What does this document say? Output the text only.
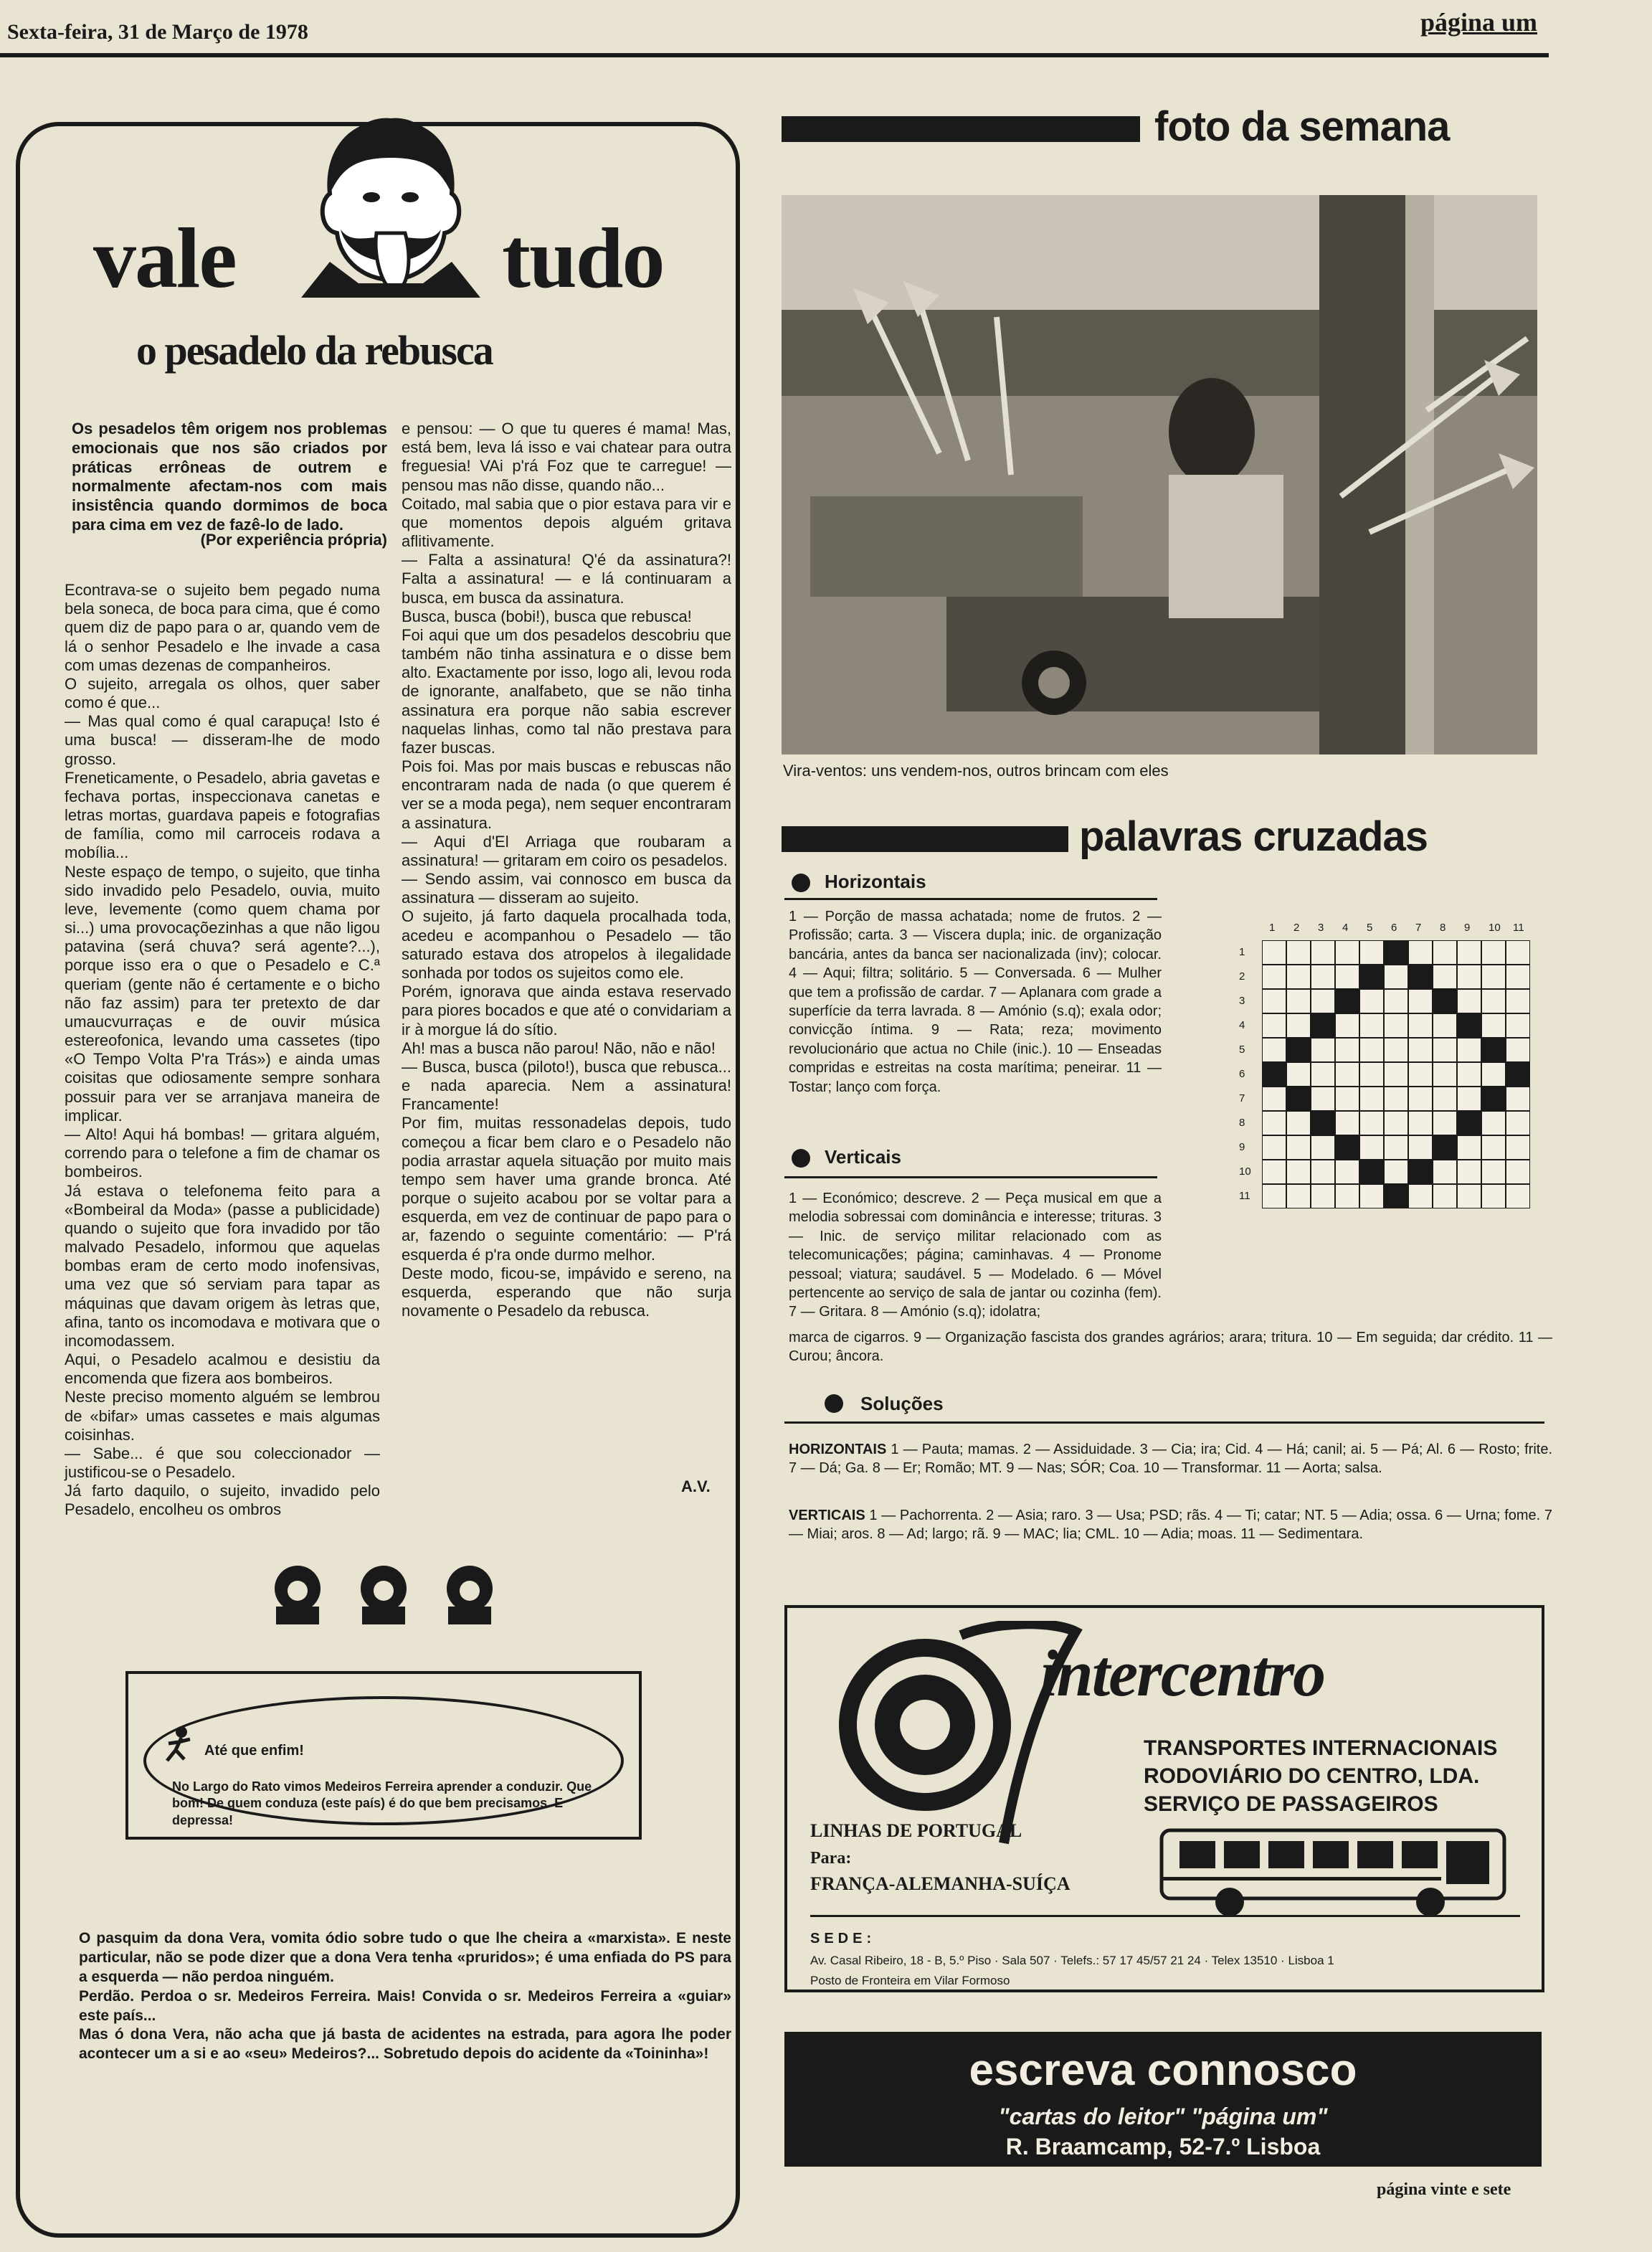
Sexta-feira, 31 de Março de 1978	página um
vale	tudo
o pesadelo da rebusca
Os pesadelos têm origem nos problemas emocionais que nos são criados por práticas errôneas de outrem e normalmente afectam-nos com mais insistência quando dormimos de boca para cima em vez de fazê-lo de lado.
(Por experiência própria)
Econtrava-se o sujeito bem pegado numa bela soneca, de boca para cima, que é como quem diz de papo para o ar, quando vem de lá o senhor Pesadelo e lhe invade a casa com umas dezenas de companheiros.
O sujeito, arregala os olhos, quer saber como é que...
— Mas qual como é qual carapuça! Isto é uma busca! — disseram-lhe de modo grosso.
Freneticamente, o Pesadelo, abria gavetas e fechava portas, inspeccionava canetas e letras mortas, guardava papeis e fotografias de família, como mil carroceis rodava a mobília...
Neste espaço de tempo, o sujeito, que tinha sido invadido pelo Pesadelo, ouvia, muito leve, levemente (como quem chama por si...) uma provocaçõezinhas a que não ligou patavina (será chuva? será agente?...), porque isso era o que o Pesadelo e C.ª queriam (gente não é certamente e o bicho não faz assim) para ter pretexto de dar umaucvurraças e de ouvir música estereofonica, levando uma cassetes (tipo «O Tempo Volta P'ra Trás») e ainda umas coisitas que odiosamente sempre sonhara possuir para ver se arranjava maneira de implicar.
— Alto! Aqui há bombas! — gritara alguém, correndo para o telefone a fim de chamar os bombeiros.
Já estava o telefonema feito para a «Bombeiral da Moda» (passe a publicidade) quando o sujeito que fora invadido por tão malvado Pesadelo, informou que aquelas bombas eram de certo modo inofensivas, uma vez que só serviam para tapar as máquinas que davam origem às letras que, afina, tanto os incomodava e motivara que o incomodassem.
Aqui, o Pesadelo acalmou e desistiu da encomenda que fizera aos bombeiros.
Neste preciso momento alguém se lembrou de «bifar» umas cassetes e mais algumas coisinhas.
— Sabe... é que sou coleccionador — justificou-se o Pesadelo.
Já farto daquilo, o sujeito, invadido pelo Pesadelo, encolheu os ombros
e pensou: — O que tu queres é mama! Mas, está bem, leva lá isso e vai chatear para outra freguesia! VAi p'rá Foz que te carregue! — pensou mas não disse, quando não...
Coitado, mal sabia que o pior estava para vir e que momentos depois alguém gritava aflitivamente.
— Falta a assinatura! Q'é da assinatura?! Falta a assinatura! — e lá continuaram a busca, em busca da assinatura.
Busca, busca (bobi!), busca que rebusca!
Foi aqui que um dos pesadelos descobriu que também não tinha assinatura e o disse bem alto. Exactamente por isso, logo ali, levou roda de ignorante, analfabeto, que se não tinha assinatura era porque não sabia escrever naquelas linhas, como tal não prestava para fazer buscas.
Pois foi. Mas por mais buscas e rebuscas não encontraram nada de nada (o que querem é ver se a moda pega), nem sequer encontraram a assinatura.
— Aqui d'El Arriaga que roubaram a assinatura! — gritaram em coiro os pesadelos.
— Sendo assim, vai connosco em busca da assinatura — disseram ao sujeito.
O sujeito, já farto daquela procalhada toda, acedeu e acompanhou o Pesadelo — tão saturado estava dos atropelos à ilegalidade sonhada por todos os sujeitos como ele.
Porém, ignorava que ainda estava reservado para piores bocados e que até o convidariam a ir à morgue lá do sítio.
Ah! mas a busca não parou! Não, não e não!
— Busca, busca (piloto!), busca que rebusca... e nada aparecia. Nem a assinatura! Francamente!
Por fim, muitas ressonadelas depois, tudo começou a ficar bem claro e o Pesadelo não podia arrastar aquela situação por muito mais tempo sem haver uma grande bronca. Até porque o sujeito acabou por se voltar para a esquerda, em vez de continuar de papo para o ar, fazendo o seguinte comentário: — P'rá esquerda é p'ra onde durmo melhor.
Deste modo, ficou-se, impávido e sereno, na esquerda, esperando que não surja novamente o Pesadelo da rebusca.
A.V.
Até que enfim!
No Largo do Rato vimos Medeiros Ferreira aprender a conduzir. Que bom! De quem conduza (este país) é do que bem precisamos. E depressa!
O pasquim da dona Vera, vomita ódio sobre tudo o que lhe cheira a «marxista». E neste particular, não se pode dizer que a dona Vera tenha «pruridos»; é uma enfiada do PS para a esquerda — não perdoa ninguém.
Perdão. Perdoa o sr. Medeiros Ferreira. Mais! Convida o sr. Medeiros Ferreira a «guiar» este país...
Mas ó dona Vera, não acha que já basta de acidentes na estrada, para agora lhe poder acontecer um a si e ao «seu» Medeiros?... Sobretudo depois do acidente da «Toininha»!
foto da semana
Vira-ventos: uns vendem-nos, outros brincam com eles
palavras cruzadas
Horizontais
1 — Porção de massa achatada; nome de frutos. 2 — Profissão; carta. 3 — Viscera dupla; inic. de organização bancária, antes da banca ser nacionalizada (inv); colocar. 4 — Aqui; filtra; solitário. 5 — Conversada. 6 — Mulher que tem a profissão de cardar. 7 — Aplanara com grade a superfície da terra lavrada. 8 — Amónio (s.q); exala odor; convicção íntima. 9 — Rata; reza; movimento revolucionário que actua no Chile (inic.). 10 — Enseadas compridas e estreitas na costa marítima; peneirar. 11 — Tostar; lanço com força.
Verticais
1 — Económico; descreve. 2 — Peça musical em que a melodia sobressai com dominância e interesse; trituras. 3 — Inic. de serviço militar relacionado com as telecomunicações; página; caminhavas. 4 — Pronome pessoal; viatura; saudável. 5 — Modelado. 6 — Móvel pertencente ao serviço de sala de jantar ou cozinha (fem). 7 — Gritara. 8 — Amónio (s.q); idolatra;
marca de cigarros. 9 — Organização fascista dos grandes agrários; arara; tritura. 10 — Em seguida; dar crédito. 11 — Curou; âncora.
1
1
2
2
3
3
4
4
5
5
6
6
7
7
8
8
9
9
10
10
11
11
Soluções
HORIZONTAIS 1 — Pauta; mamas. 2 — Assiduidade. 3 — Cia; ira; Cid. 4 — Há; canil; ai. 5 — Pá; Al. 6 — Rosto; frite. 7 — Dá; Ga. 8 — Er; Romão; MT. 9 — Nas; SÓR; Coa. 10 — Transformar. 11 — Aorta; salsa.
VERTICAIS 1 — Pachorrenta. 2 — Asia; raro. 3 — Usa; PSD; rãs. 4 — Ti; catar; NT. 5 — Adia; ossa. 6 — Urna; fome. 7 — Miai; aros. 8 — Ad; largo; rã. 9 — MAC; lia; CML. 10 — Adia; moas. 11 — Sedimentara.
intercentro
TRANSPORTES INTERNACIONAIS
RODOVIÁRIO DO CENTRO, LDA.
SERVIÇO DE PASSAGEIROS
LINHAS DE PORTUGAL
Para:
FRANÇA-ALEMANHA-SUÍÇA
SEDE:
Av. Casal Ribeiro, 18 - B, 5.º Piso · Sala 507 · Telefs.: 57 17 45/57 21 24 · Telex 13510 · Lisboa 1
Posto de Fronteira em Vilar Formoso
escreva connosco
"cartas do leitor" "página um"
R. Braamcamp, 52-7.º Lisboa
página vinte e sete
